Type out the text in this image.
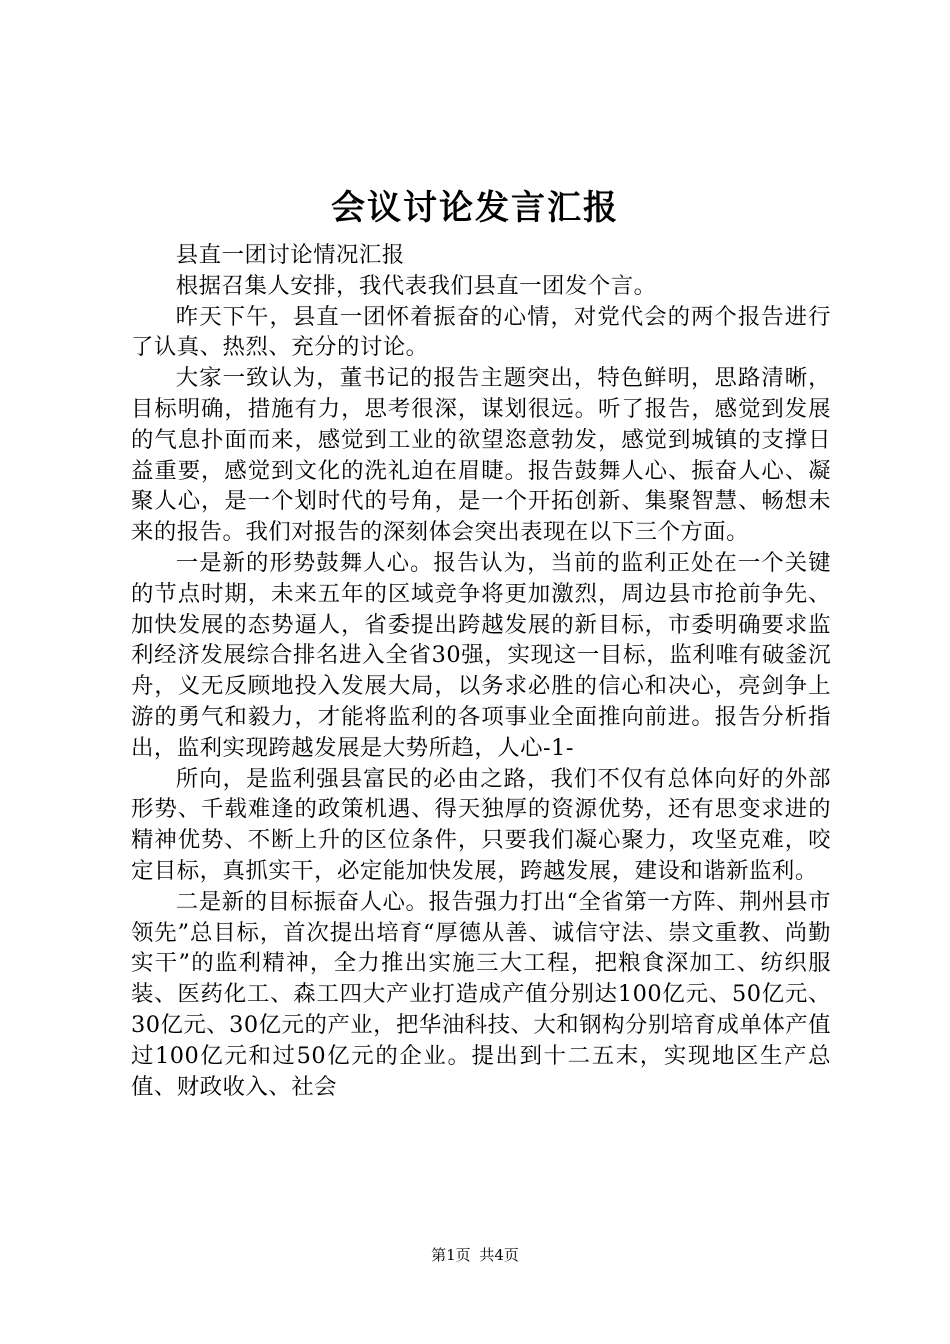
会议讨论发言汇报

县直一团讨论情况汇报

根据召集人安排，我代表我们县直一团发个言。

昨天下午，县直一团怀着振奋的心情，对党代会的两个报告进行了认真、热烈、充分的讨论。

大家一致认为，董书记的报告主题突出，特色鲜明，思路清晰，目标明确，措施有力，思考很深，谋划很远。听了报告，感觉到发展的气息扑面而来，感觉到工业的欲望恣意勃发，感觉到城镇的支撑日益重要，感觉到文化的洗礼迫在眉睫。报告鼓舞人心、振奋人心、凝聚人心，是一个划时代的号角，是一个开拓创新、集聚智慧、畅想未来的报告。我们对报告的深刻体会突出表现在以下三个方面。

一是新的形势鼓舞人心。报告认为，当前的监利正处在一个关键的节点时期，未来五年的区域竞争将更加激烈，周边县市抢前争先、加快发展的态势逼人，省委提出跨越发展的新目标，市委明确要求监利经济发展综合排名进入全省30强，实现这一目标，监利唯有破釜沉舟，义无反顾地投入发展大局，以务求必胜的信心和决心，亮剑争上游的勇气和毅力，才能将监利的各项事业全面推向前进。报告分析指出，监利实现跨越发展是大势所趋，人心-1-

所向，是监利强县富民的必由之路，我们不仅有总体向好的外部形势、千载难逢的政策机遇、得天独厚的资源优势，还有思变求进的精神优势、不断上升的区位条件，只要我们凝心聚力，攻坚克难，咬定目标，真抓实干，必定能加快发展，跨越发展，建设和谐新监利。

二是新的目标振奋人心。报告强力打出“全省第一方阵、荆州县市领先”总目标，首次提出培育“厚德从善、诚信守法、崇文重教、尚勤实干”的监利精神，全力推出实施三大工程，把粮食深加工、纺织服装、医药化工、森工四大产业打造成产值分别达100亿元、50亿元、30亿元、30亿元的产业，把华油科技、大和钢构分别培育成单体产值过100亿元和过50亿元的企业。提出到十二五末，实现地区生产总值、财政收入、社会

第1页 共4页
